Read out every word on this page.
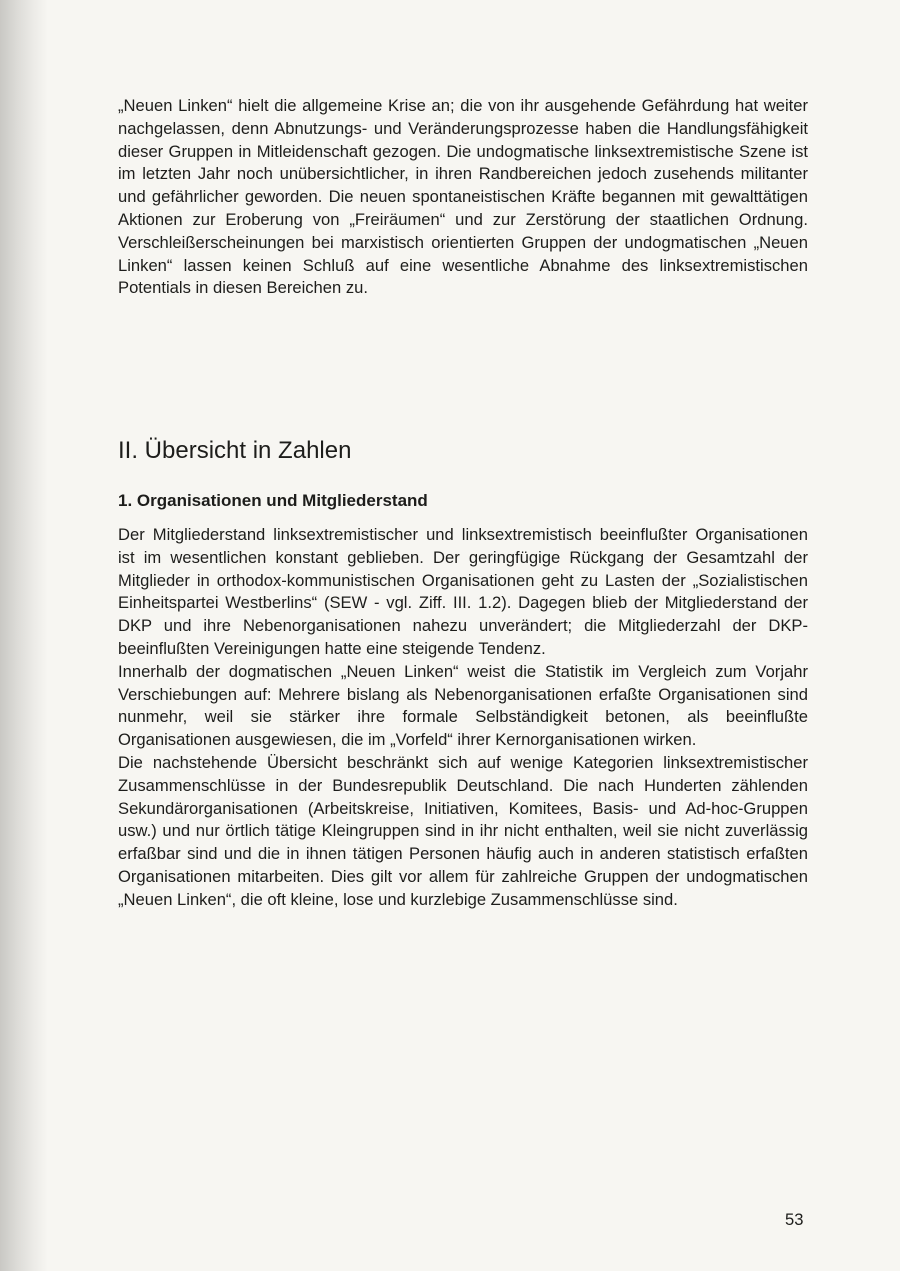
„Neuen Linken“ hielt die allgemeine Krise an; die von ihr ausgehende Gefährdung hat weiter nachgelassen, denn Abnutzungs- und Veränderungsprozesse haben die Handlungsfähigkeit dieser Gruppen in Mitleidenschaft gezogen. Die undogmatische linksextremistische Szene ist im letzten Jahr noch unübersichtlicher, in ihren Randbereichen jedoch zusehends militanter und gefährlicher geworden. Die neuen spontaneistischen Kräfte begannen mit gewalttätigen Aktionen zur Eroberung von „Freiräumen“ und zur Zerstörung der staatlichen Ordnung. Verschleißerscheinungen bei marxistisch orientierten Gruppen der undogmatischen „Neuen Linken“ lassen keinen Schluß auf eine wesentliche Abnahme des linksextremistischen Potentials in diesen Bereichen zu.

II. Übersicht in Zahlen
1. Organisationen und Mitgliederstand

Der Mitgliederstand linksextremistischer und linksextremistisch beeinflußter Organisationen ist im wesentlichen konstant geblieben. Der geringfügige Rückgang der Gesamtzahl der Mitglieder in orthodox-kommunistischen Organisationen geht zu Lasten der „Sozialistischen Einheitspartei Westberlins“ (SEW - vgl. Ziff. III. 1.2). Dagegen blieb der Mitgliederstand der DKP und ihre Nebenorganisationen nahezu unverändert; die Mitgliederzahl der DKP-beeinflußten Vereinigungen hatte eine steigende Tendenz.

Innerhalb der dogmatischen „Neuen Linken“ weist die Statistik im Vergleich zum Vorjahr Verschiebungen auf: Mehrere bislang als Nebenorganisationen erfaßte Organisationen sind nunmehr, weil sie stärker ihre formale Selbständigkeit betonen, als beeinflußte Organisationen ausgewiesen, die im „Vorfeld“ ihrer Kernorganisationen wirken.

Die nachstehende Übersicht beschränkt sich auf wenige Kategorien linksextremistischer Zusammenschlüsse in der Bundesrepublik Deutschland. Die nach Hunderten zählenden Sekundärorganisationen (Arbeitskreise, Initiativen, Komitees, Basis- und Ad-hoc-Gruppen usw.) und nur örtlich tätige Kleingruppen sind in ihr nicht enthalten, weil sie nicht zuverlässig erfaßbar sind und die in ihnen tätigen Personen häufig auch in anderen statistisch erfaßten Organisationen mitarbeiten. Dies gilt vor allem für zahlreiche Gruppen der undogmatischen „Neuen Linken“, die oft kleine, lose und kurzlebige Zusammenschlüsse sind.

53
